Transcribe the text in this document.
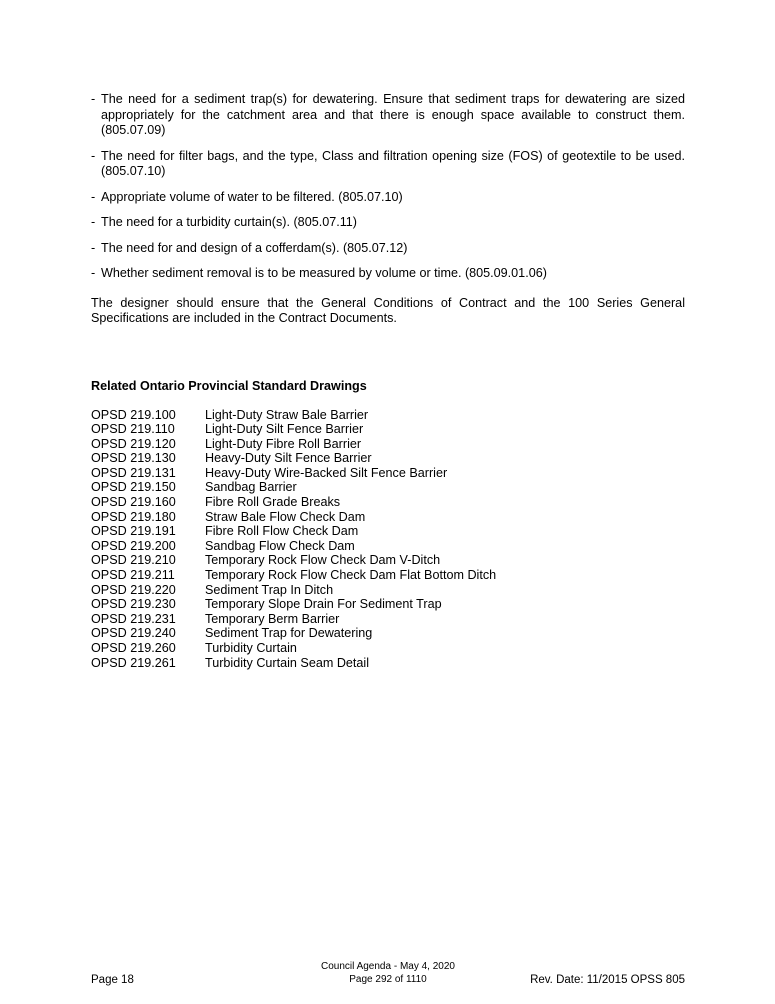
- The need for a sediment trap(s) for dewatering. Ensure that sediment traps for dewatering are sized appropriately for the catchment area and that there is enough space available to construct them. (805.07.09)

- The need for filter bags, and the type, Class and filtration opening size (FOS) of geotextile to be used. (805.07.10)

- Appropriate volume of water to be filtered. (805.07.10)

- The need for a turbidity curtain(s). (805.07.11)

- The need for and design of a cofferdam(s). (805.07.12)

- Whether sediment removal is to be measured by volume or time. (805.09.01.06)

The designer should ensure that the General Conditions of Contract and the 100 Series General Specifications are included in the Contract Documents.

Related Ontario Provincial Standard Drawings
OPSD 219.100	Light-Duty Straw Bale Barrier
OPSD 219.110	Light-Duty Silt Fence Barrier
OPSD 219.120	Light-Duty Fibre Roll Barrier
OPSD 219.130	Heavy-Duty Silt Fence Barrier
OPSD 219.131	Heavy-Duty Wire-Backed Silt Fence Barrier
OPSD 219.150	Sandbag Barrier
OPSD 219.160	Fibre Roll Grade Breaks
OPSD 219.180	Straw Bale Flow Check Dam
OPSD 219.191	Fibre Roll Flow Check Dam
OPSD 219.200	Sandbag Flow Check Dam
OPSD 219.210	Temporary Rock Flow Check Dam V-Ditch
OPSD 219.211	Temporary Rock Flow Check Dam Flat Bottom Ditch
OPSD 219.220	Sediment Trap In Ditch
OPSD 219.230	Temporary Slope Drain For Sediment Trap
OPSD 219.231	Temporary Berm Barrier
OPSD 219.240	Sediment Trap for Dewatering
OPSD 219.260	Turbidity Curtain
OPSD 219.261	Turbidity Curtain Seam Detail
Page 18
Council Agenda - May 4, 2020
Page 292 of 1110	Rev. Date: 11/2015 OPSS 805
